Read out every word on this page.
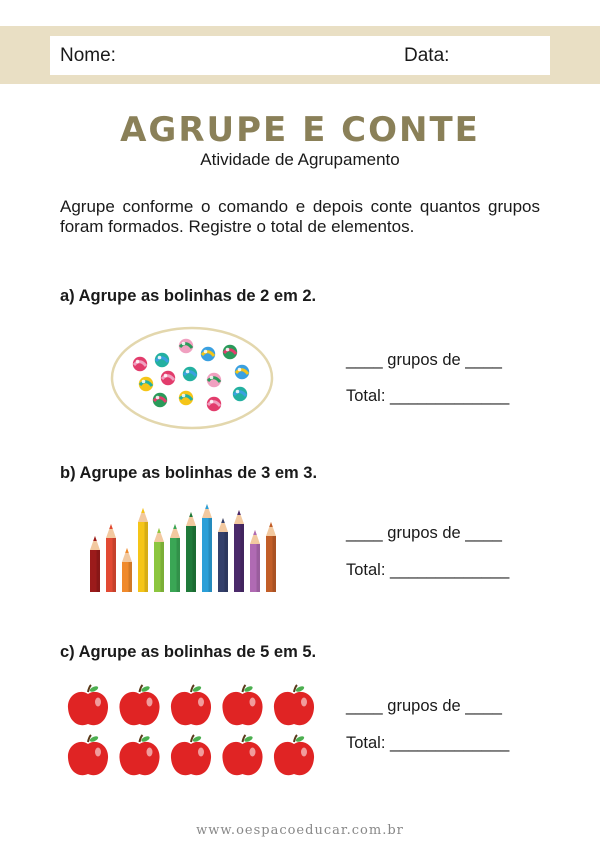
Nome:	Data:
AGRUPE E CONTE
Atividade de Agrupamento
Agrupe conforme o comando e depois conte quantos grupos foram formados. Registre o total de elementos.
a) Agrupe as bolinhas de 2 em 2.
____ grupos de ____
Total: _____________
b) Agrupe as bolinhas de 3 em 3.
____ grupos de ____
Total: _____________
c) Agrupe as bolinhas de 5 em 5.
____ grupos de ____
Total: _____________
www.oespacoeducar.com.br
